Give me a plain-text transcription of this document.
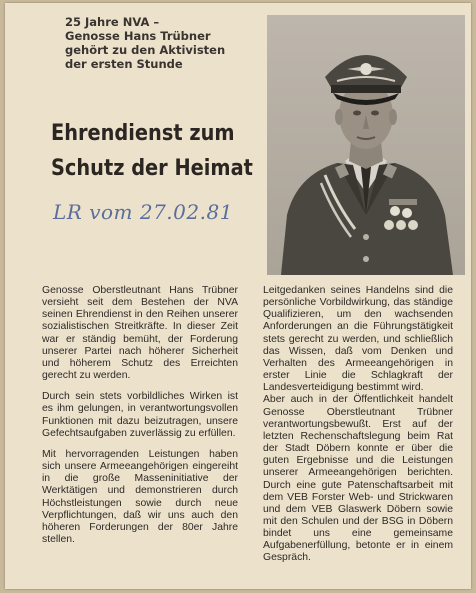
25 Jahre NVA –
Genosse Hans Trübner
gehört zu den Aktivisten
der ersten Stunde
Ehrendienst zum
Schutz der Heimat
LR vom 27.02.81

Genosse Oberstleutnant Hans Trübner versieht seit dem Bestehen der NVA seinen Ehrendienst in den Reihen unserer sozialistischen Streitkräfte. In dieser Zeit war er ständig bemüht, der Forderung unserer Partei nach höherer Sicherheit und höherem Schutz des Erreichten gerecht zu werden.

Durch sein stets vorbildliches Wirken ist es ihm gelungen, in verantwortungsvollen Funktionen mit dazu beizutragen, unsere Gefechtsaufgaben zuverlässig zu erfüllen.

Mit hervorragenden Leistungen haben sich unsere Armeeangehörigen eingereiht in die große Masseninitiative der Werktätigen und demonstrieren durch Höchstleistungen sowie durch neue Verpflichtungen, daß wir uns auch den höheren Forderungen der 80er Jahre stellen.

Leitgedanken seines Handelns sind die persönliche Vorbildwirkung, das ständige Qualifizieren, um den wachsenden Anforderungen an die Führungstätigkeit stets gerecht zu werden, und schließlich das Wissen, daß vom Denken und Verhalten des Armeeangehörigen in erster Linie die Schlagkraft der Landesverteidigung bestimmt wird.

Aber auch in der Öffentlichkeit handelt Genosse Oberstleutnant Trübner verantwortungsbewußt. Erst auf der letzten Rechenschaftslegung beim Rat der Stadt Döbern konnte er über die guten Ergebnisse und die Leistungen unserer Armeeangehörigen berichten. Durch eine gute Patenschaftsarbeit mit dem VEB Forster Web- und Strickwaren und dem VEB Glaswerk Döbern sowie mit den Schulen und der BSG in Döbern bindet uns eine gemeinsame Aufgabenerfüllung, betonte er in einem Gespräch.
